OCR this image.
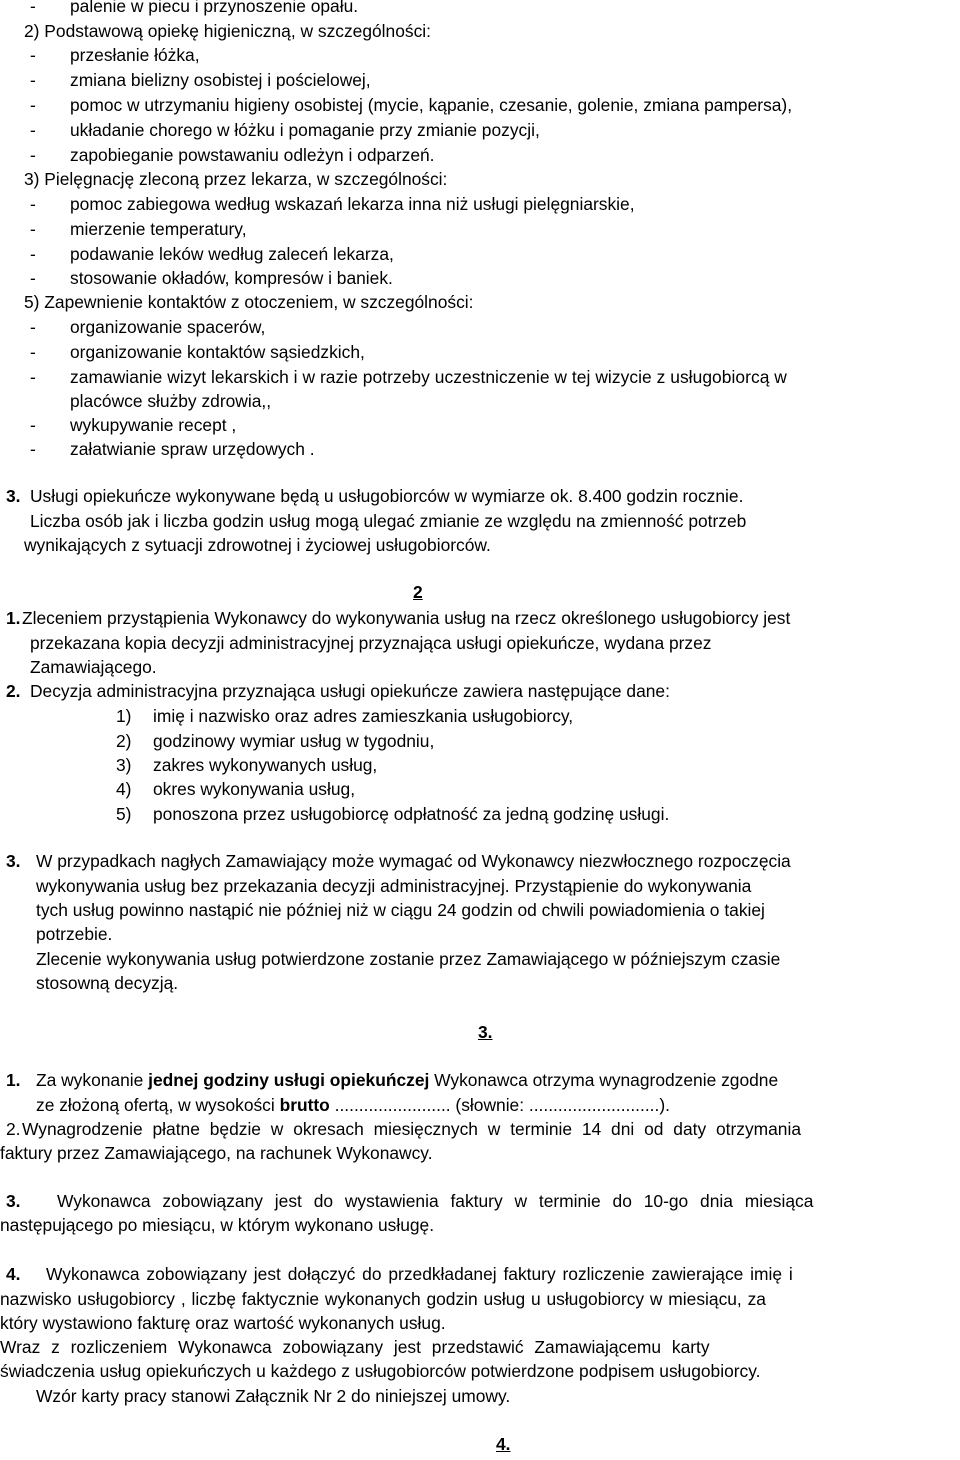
- palenie w piecu i przynoszenie opału.
2) Podstawową opiekę higieniczną, w szczególności:
- przesłanie łóżka,
- zmiana bielizny osobistej i pościelowej,
- pomoc w utrzymaniu higieny osobistej (mycie, kąpanie, czesanie, golenie, zmiana pampersa),
- układanie chorego w łóżku i pomaganie przy zmianie pozycji,
- zapobieganie powstawaniu odleżyn i odparzeń.
3) Pielęgnację zleconą przez lekarza, w szczególności:
- pomoc zabiegowa według wskazań lekarza inna niż usługi pielęgniarskie,
- mierzenie temperatury,
- podawanie leków według zaleceń lekarza,
- stosowanie okładów, kompresów i baniek.
5) Zapewnienie kontaktów z otoczeniem, w szczególności:
- organizowanie spacerów,
- organizowanie kontaktów sąsiedzkich,
- zamawianie wizyt lekarskich i w razie potrzeby uczestniczenie w tej wizycie z usługobiorcą w
placówce służby zdrowia,,
- wykupywanie recept ,
- załatwianie spraw urzędowych .
3. Usługi opiekuńcze wykonywane będą u usługobiorców w wymiarze ok. 8.400 godzin rocznie.
Liczba osób jak i liczba godzin usług mogą ulegać zmianie ze względu na zmienność potrzeb
wynikających z sytuacji zdrowotnej i życiowej usługobiorców.
2
1. Zleceniem przystąpienia Wykonawcy do wykonywania usług na rzecz określonego usługobiorcy jest
przekazana kopia decyzji administracyjnej przyznająca usługi opiekuńcze, wydana przez
Zamawiającego.
2. Decyzja administracyjna przyznająca usługi opiekuńcze zawiera następujące dane:
1) imię i nazwisko oraz adres zamieszkania usługobiorcy,
2) godzinowy wymiar usług w tygodniu,
3) zakres wykonywanych usług,
4) okres wykonywania usług,
5) ponoszona przez usługobiorcę odpłatność za jedną godzinę usługi.
3. W przypadkach nagłych Zamawiający może wymagać od Wykonawcy niezwłocznego rozpoczęcia
wykonywania usług bez przekazania decyzji administracyjnej. Przystąpienie do wykonywania
tych usług powinno nastąpić nie później niż w ciągu 24 godzin od chwili powiadomienia o takiej
potrzebie.
Zlecenie wykonywania usług potwierdzone zostanie przez Zamawiającego w późniejszym czasie
stosowną decyzją.
3.
1. Za wykonanie jednej godziny usługi opiekuńczej Wykonawca otrzyma wynagrodzenie zgodne
ze złożoną ofertą, w wysokości brutto ........................ (słownie: ...........................).
2. Wynagrodzenie płatne będzie w okresach miesięcznych w terminie 14 dni od daty otrzymania
faktury przez Zamawiającego, na rachunek Wykonawcy.
3. Wykonawca zobowiązany jest do wystawienia faktury w terminie do 10-go dnia miesiąca
następującego po miesiącu, w którym wykonano usługę.
4. Wykonawca zobowiązany jest dołączyć do przedkładanej faktury rozliczenie zawierające imię i
nazwisko usługobiorcy , liczbę faktycznie wykonanych godzin usług u usługobiorcy w miesiącu, za
który wystawiono fakturę oraz wartość wykonanych usług.
Wraz z rozliczeniem Wykonawca zobowiązany jest przedstawić Zamawiającemu karty
świadczenia usług opiekuńczych u każdego z usługobiorców potwierdzone podpisem usługobiorcy.
Wzór karty pracy stanowi Załącznik Nr 2 do niniejszej umowy.
4.
